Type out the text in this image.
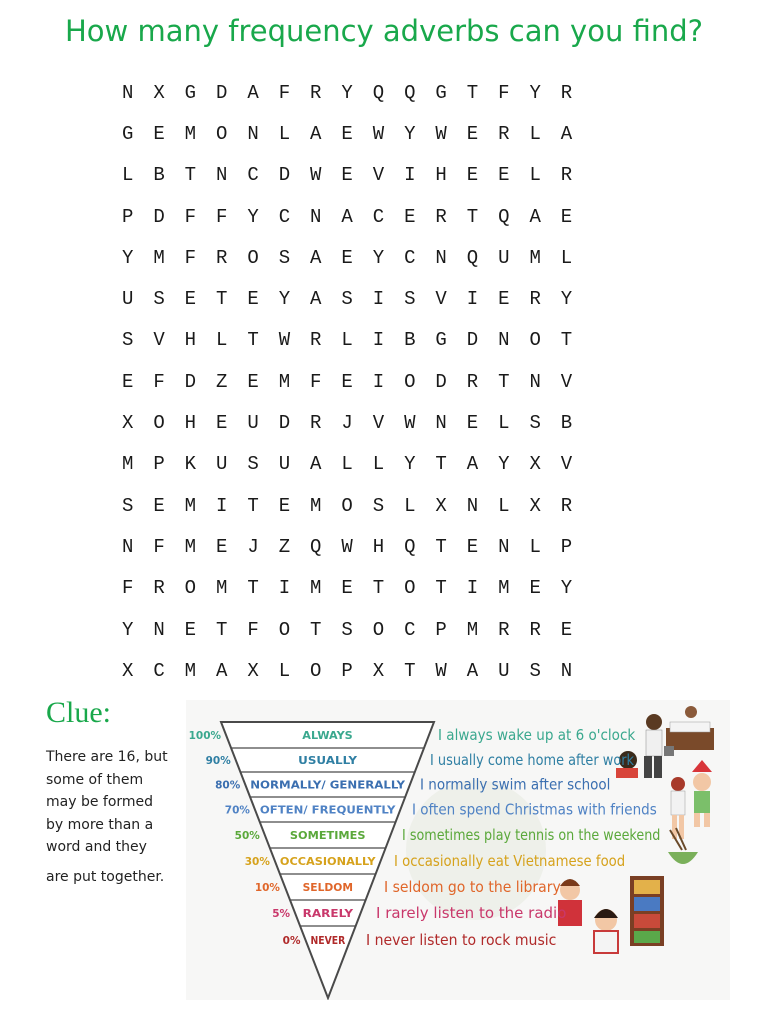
How many frequency adverbs can you find?
N	X	G	D	A	F	R	Y	Q	Q	G	T	F	Y	R
G	E	M	O	N	L	A	E	W	Y	W	E	R	L	A
L	B	T	N	C	D	W	E	V	I	H	E	E	L	R
P	D	F	F	Y	C	N	A	C	E	R	T	Q	A	E
Y	M	F	R	O	S	A	E	Y	C	N	Q	U	M	L
U	S	E	T	E	Y	A	S	I	S	V	I	E	R	Y
S	V	H	L	T	W	R	L	I	B	G	D	N	O	T
E	F	D	Z	E	M	F	E	I	O	D	R	T	N	V
X	O	H	E	U	D	R	J	V	W	N	E	L	S	B
M	P	K	U	S	U	A	L	L	Y	T	A	Y	X	V
S	E	M	I	T	E	M	O	S	L	X	N	L	X	R
N	F	M	E	J	Z	Q	W	H	Q	T	E	N	L	P
F	R	O	M	T	I	M	E	T	O	T	I	M	E	Y
Y	N	E	T	F	O	T	S	O	C	P	M	R	R	E
X	C	M	A	X	L	O	P	X	T	W	A	U	S	N
Clue:
There are 16, but
some of them
may be formed
by more than a
word and they
are put together.
100%	ALWAYS	I always wake up at 6 o'clock
90%	USUALLY	I usually come home after work
80% NORMALLY/ GENERALLY I normally swim after school
70% OFTEN/ FREQUENTLY I often spend Christmas with friends
50%	SOMETIMES I sometimes play tennis on the weekend
30% OCCASIONALLY I occasionally eat Vietnamese food
10% SELDOM I seldom go to the library
5% RARELY I rarely listen to the radio
0% NEVER I never listen to rock music
